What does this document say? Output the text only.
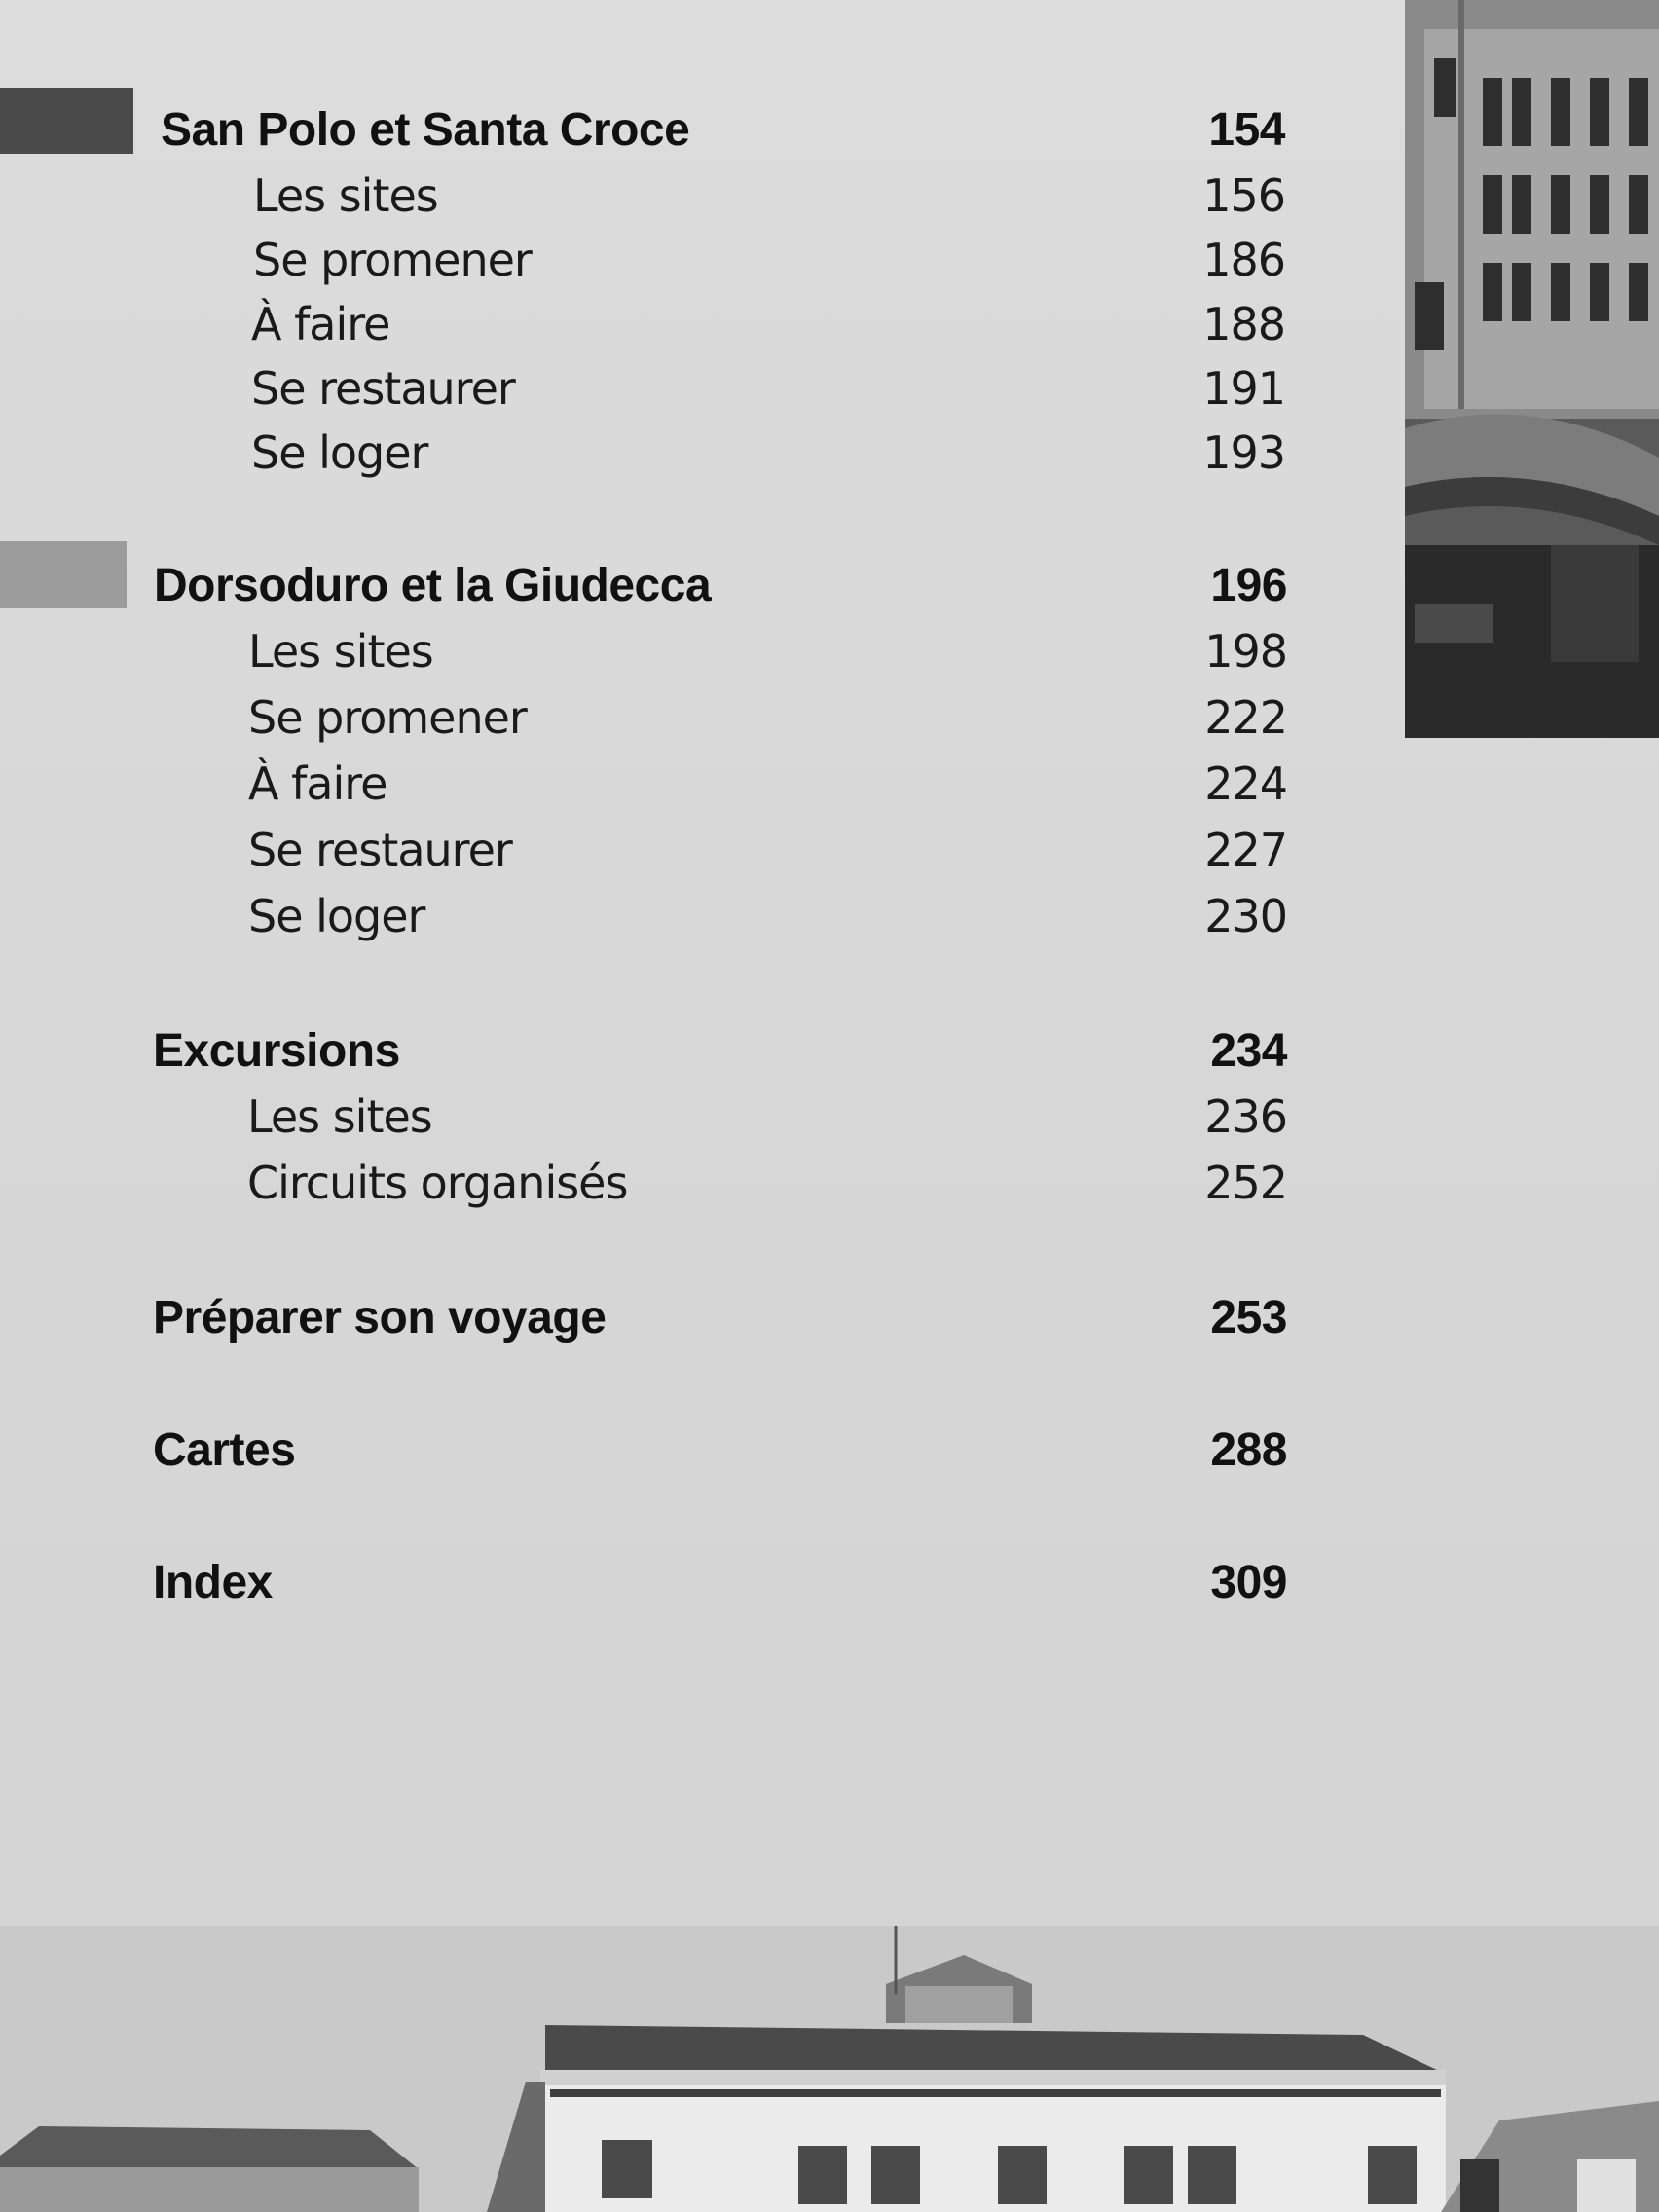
San Polo et Santa Croce	154
Les sites	156
Se promener	186
À faire	188
Se restaurer	191
Se loger	193
Dorsoduro et la Giudecca	196
Les sites	198
Se promener	222
À faire	224
Se restaurer	227
Se loger	230
Excursions	234
Les sites	236
Circuits organisés	252
Préparer son voyage	253
Cartes	288
Index	309
